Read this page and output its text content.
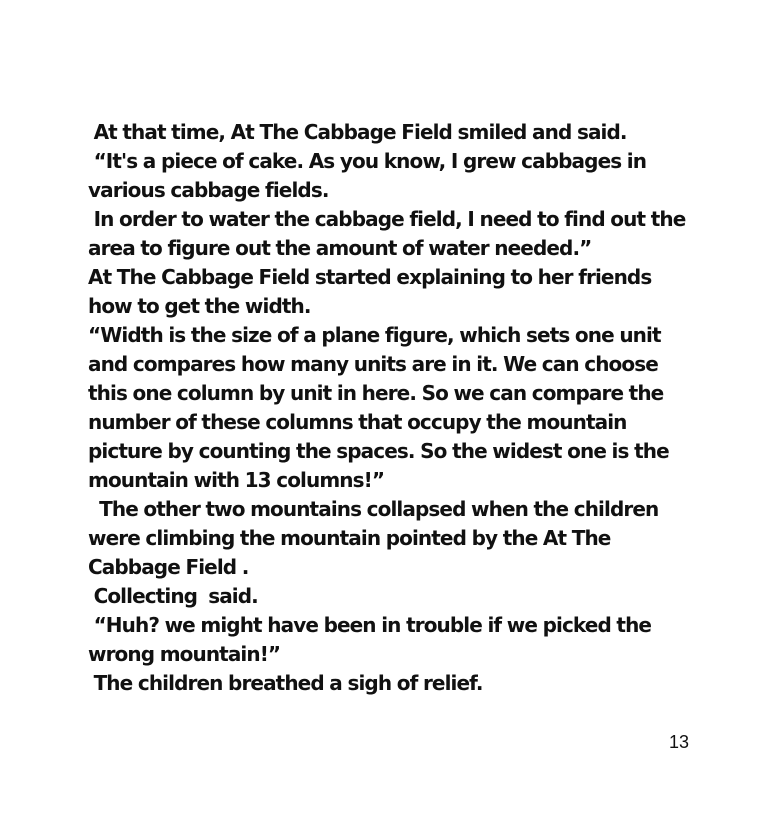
At that time, At The Cabbage Field smiled and said.
“It's a piece of cake. As you know, I grew cabbages in
various cabbage fields.
In order to water the cabbage field, I need to find out the
area to figure out the amount of water needed.”
At The Cabbage Field started explaining to her friends
how to get the width.
“Width is the size of a plane figure, which sets one unit
and compares how many units are in it. We can choose
this one column by unit in here. So we can compare the
number of these columns that occupy the mountain
picture by counting the spaces. So the widest one is the
mountain with 13 columns!”
The other two mountains collapsed when the children
were climbing the mountain pointed by the At The
Cabbage Field .
Collecting  said.
“Huh? we might have been in trouble if we picked the
wrong mountain!”
The children breathed a sigh of relief.
13
